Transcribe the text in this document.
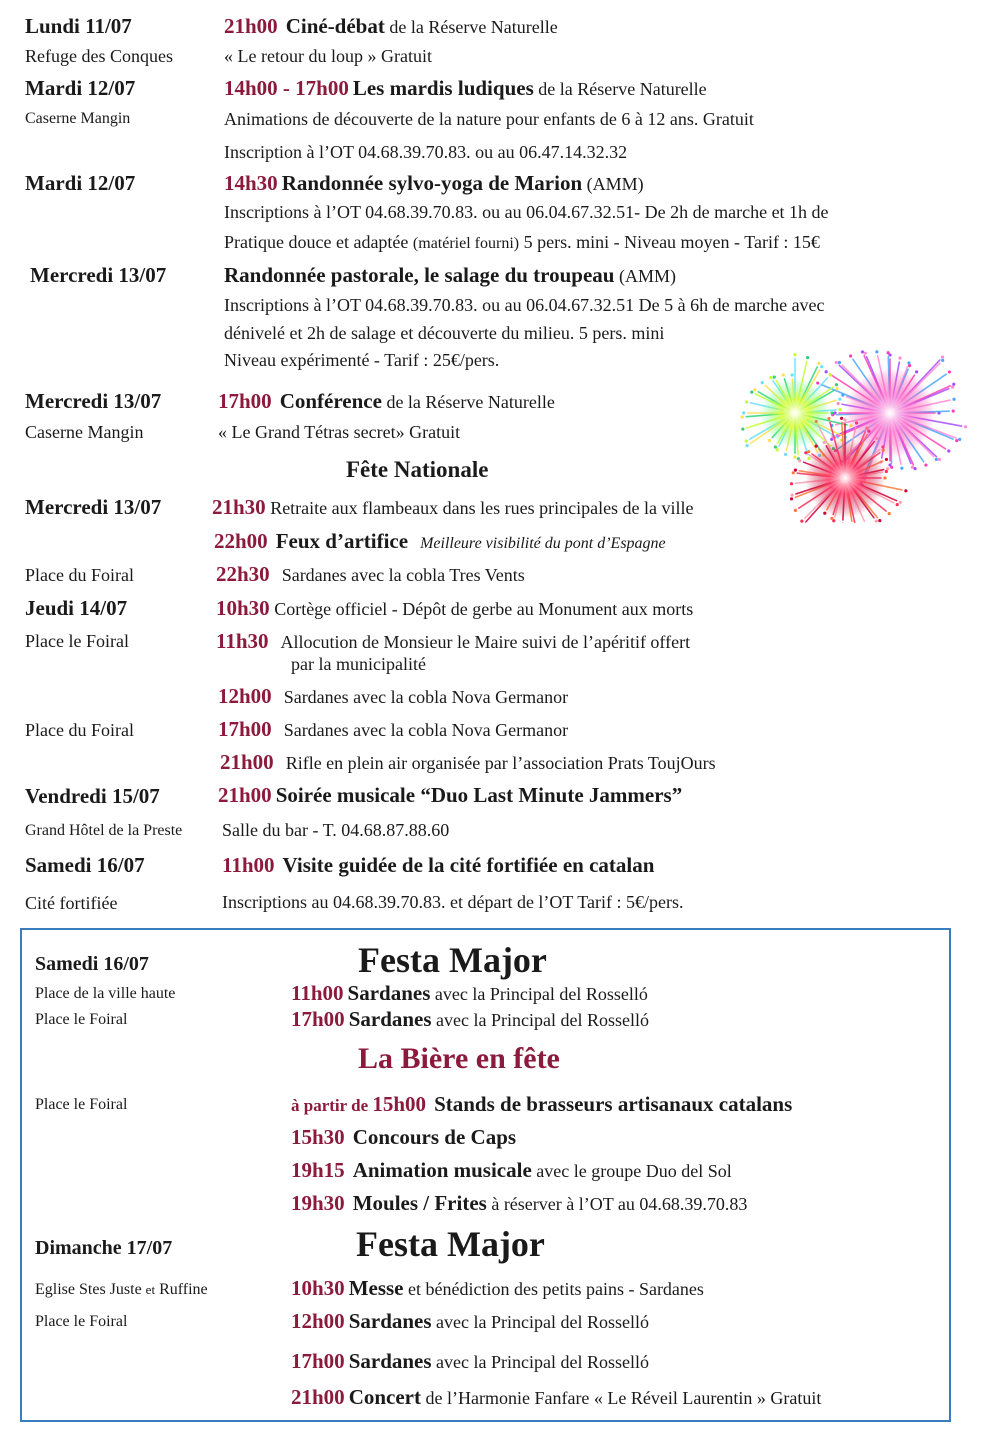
Lundi 11/07	21h00 Ciné-débat de la Réserve Naturelle
Refuge des Conques	« Le retour du loup » Gratuit
Mardi 12/07	14h00 - 17h00 Les mardis ludiques de la Réserve Naturelle
Caserne Mangin	Animations de découverte de la nature pour enfants de 6 à 12 ans. Gratuit
Inscription à l’OT 04.68.39.70.83. ou au 06.47.14.32.32
Mardi 12/07	14h30 Randonnée sylvo-yoga de Marion (AMM)
Inscriptions à l’OT 04.68.39.70.83. ou au 06.04.67.32.51- De 2h de marche et 1h de
Pratique douce et adaptée (matériel fourni) 5 pers. mini - Niveau moyen - Tarif : 15€
Mercredi 13/07	Randonnée pastorale, le salage du troupeau (AMM)
Inscriptions à l’OT 04.68.39.70.83. ou au 06.04.67.32.51 De 5 à 6h de marche avec
dénivelé et 2h de salage et découverte du milieu. 5 pers. mini
Niveau expérimenté - Tarif : 25€/pers.
Mercredi 13/07	17h00 Conférence de la Réserve Naturelle
Caserne Mangin	« Le Grand Tétras secret» Gratuit
Fête Nationale
Mercredi 13/07 21h30 Retraite aux flambeaux dans les rues principales de la ville
22h00 Feux d’artifice Meilleure visibilité du pont d’Espagne
Place du Foiral	22h30 Sardanes avec la cobla Tres Vents
Jeudi 14/07	10h30 Cortège officiel - Dépôt de gerbe au Monument aux morts
Place le Foiral	11h30 Allocution de Monsieur le Maire suivi de l’apéritif offert
par la municipalité
12h00 Sardanes avec la cobla Nova Germanor
Place du Foiral	17h00 Sardanes avec la cobla Nova Germanor
21h00 Rifle en plein air organisée par l’association Prats ToujOurs
Vendredi 15/07	21h00 Soirée musicale “Duo Last Minute Jammers”
Grand Hôtel de la Preste Salle du bar - T. 04.68.87.88.60
Samedi 16/07	11h00 Visite guidée de la cité fortifiée en catalan
Cité fortifiée	Inscriptions au 04.68.39.70.83. et départ de l’OT Tarif : 5€/pers.
Samedi 16/07	Festa Major
Place de la ville haute	11h00 Sardanes avec la Principal del Rosselló
Place le Foiral	17h00 Sardanes avec la Principal del Rosselló
La Bière en fête
Place le Foiral	à partir de 15h00 Stands de brasseurs artisanaux catalans
15h30 Concours de Caps
19h15 Animation musicale avec le groupe Duo del Sol
19h30 Moules / Frites à réserver à l’OT au 04.68.39.70.83
Dimanche 17/07	Festa Major
Eglise Stes Juste et Ruffine	10h30 Messe et bénédiction des petits pains - Sardanes
Place le Foiral	12h00 Sardanes avec la Principal del Rosselló
17h00 Sardanes avec la Principal del Rosselló
21h00 Concert de l’Harmonie Fanfare « Le Réveil Laurentin » Gratuit
